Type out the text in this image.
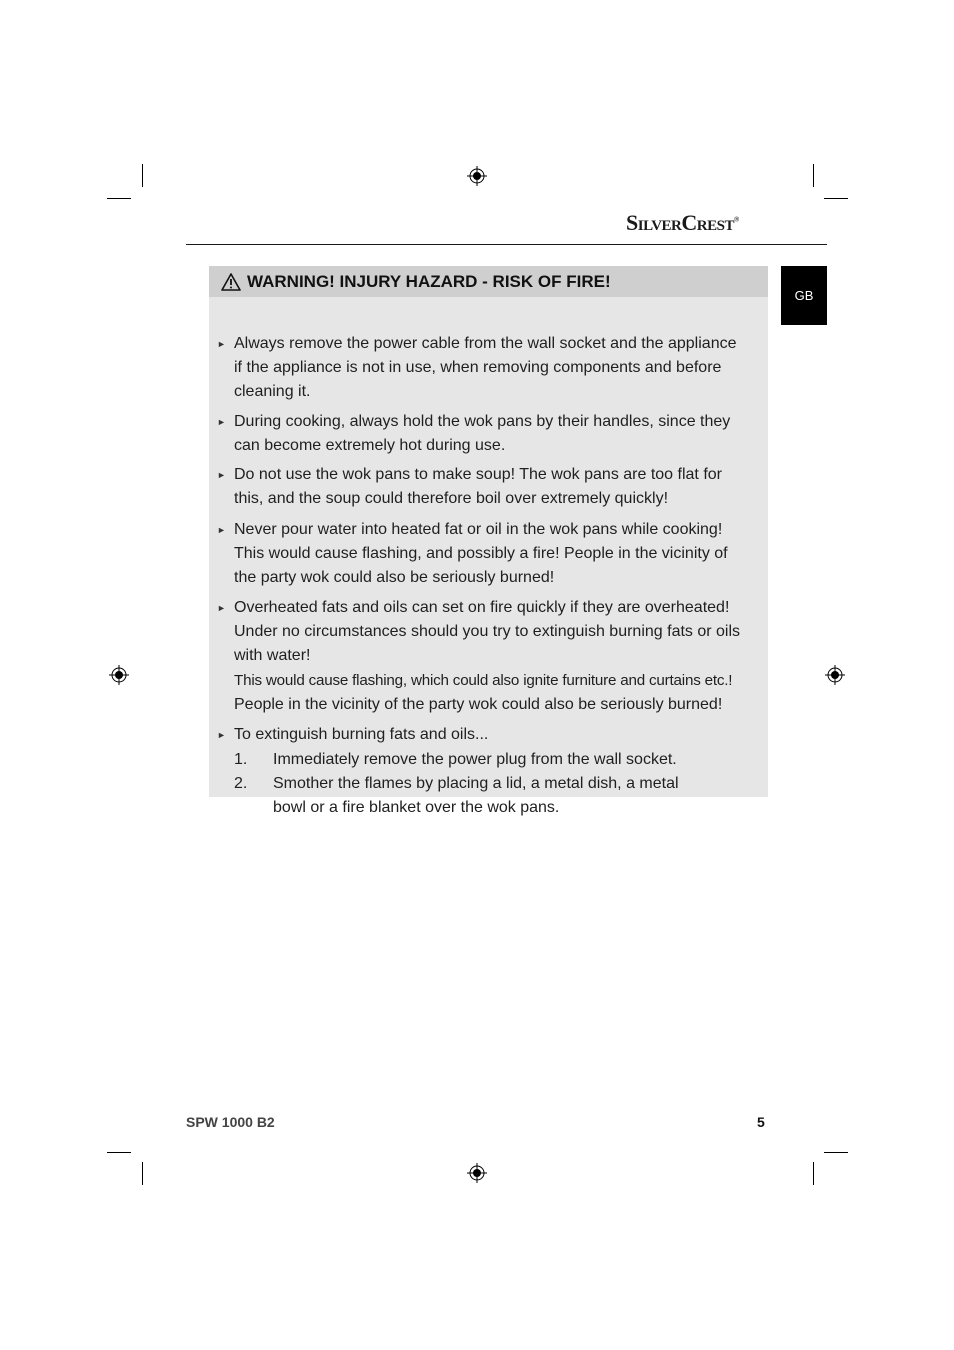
SilverCrest®
GB
WARNING! INJURY HAZARD - RISK OF FIRE!
► Always remove the power cable from the wall socket and the appliance

if the appliance is not in use, when removing components and before

cleaning it.

► During cooking, always hold the wok pans by their handles, since they

can become extremely hot during use.

► Do not use the wok pans to make soup! The wok pans are too flat for

this, and the soup could therefore boil over extremely quickly!

► Never pour water into heated fat or oil in the wok pans while cooking!

This would cause flashing, and possibly a fire! People in the vicinity of

the party wok could also be seriously burned!

► Overheated fats and oils can set on fire quickly if they are overheated!

Under no circumstances should you try to extinguish burning fats or oils

with water!

This would cause flashing, which could also ignite furniture and curtains etc.!

People in the vicinity of the party wok could also be seriously burned!

► To extinguish burning fats and oils...

1. Immediately remove the power plug from the wall socket.
2. Smother the flames by placing a lid, a metal dish, a metal
bowl or a fire blanket over the wok pans.
SPW 1000 B2	5
